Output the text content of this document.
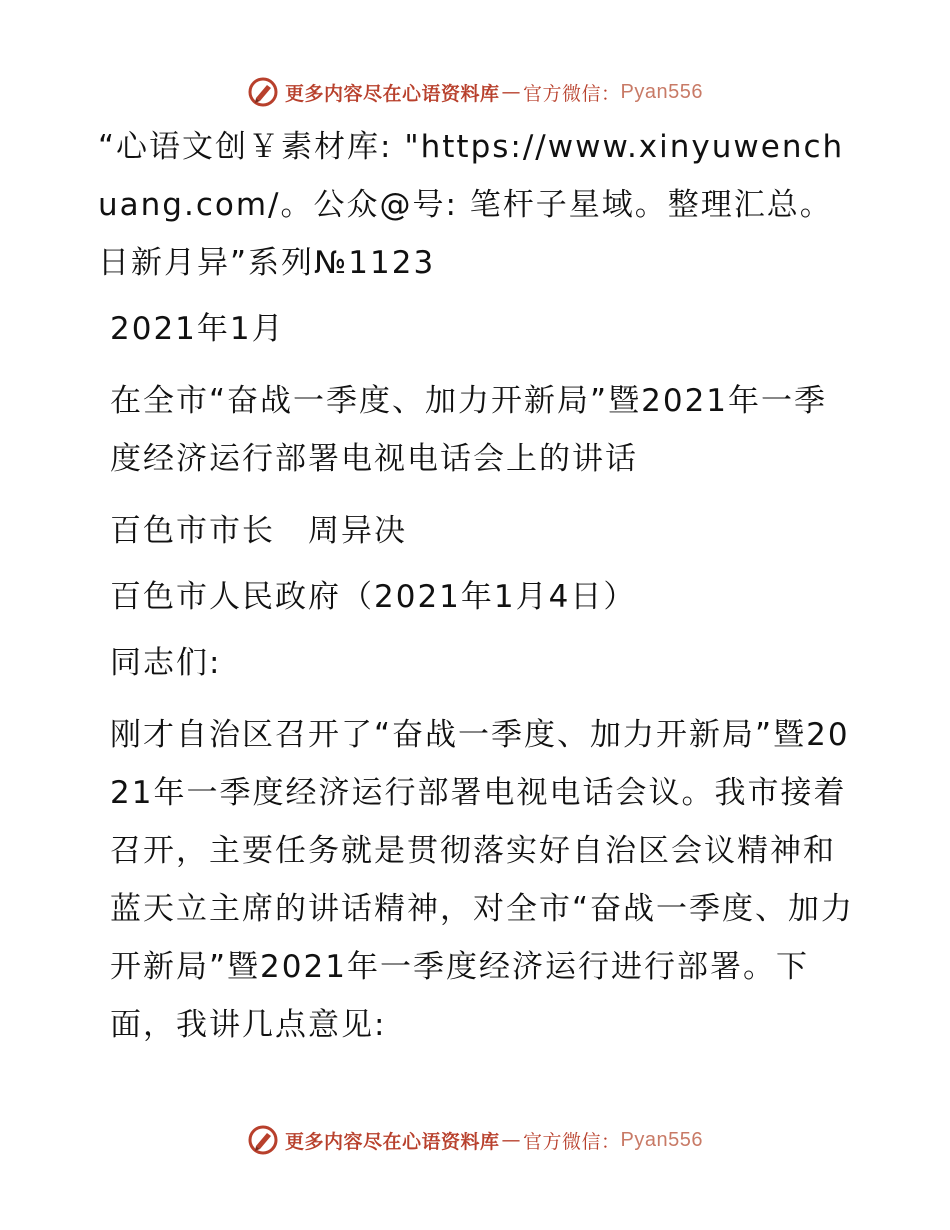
更多内容尽在心语资料库 — 官方微信： Pyan556

“心语文创￥素材库: "https://www.xinyuwenchuang.com/。公众@号: 笔杆子星域。整理汇总。日新月异”系列№1123

2021年1月

在全市“奋战一季度、加力开新局”暨2021年一季度经济运行部署电视电话会上的讲话

百色市市长　周异决

百色市人民政府（2021年1月4日）

同志们:

刚才自治区召开了“奋战一季度、加力开新局”暨2021年一季度经济运行部署电视电话会议。我市接着召开，主要任务就是贯彻落实好自治区会议精神和蓝天立主席的讲话精神，对全市“奋战一季度、加力开新局”暨2021年一季度经济运行进行部署。下面，我讲几点意见:

更多内容尽在心语资料库 — 官方微信： Pyan556
